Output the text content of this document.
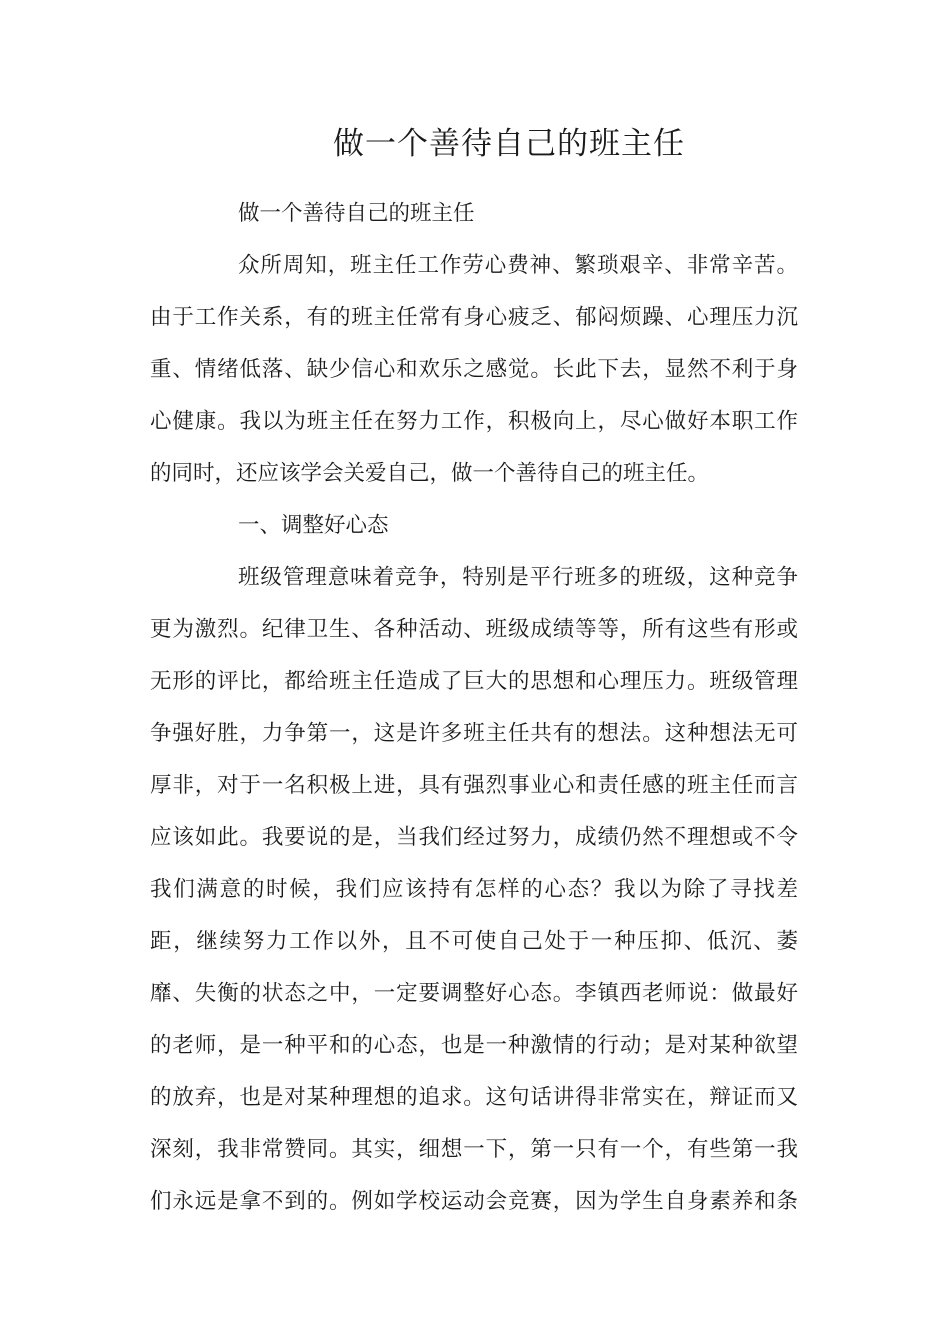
做一个善待自己的班主任
做一个善待自己的班主任
众所周知，班主任工作劳心费神、繁琐艰辛、非常辛苦。
由于工作关系，有的班主任常有身心疲乏、郁闷烦躁、心理压力沉
重、情绪低落、缺少信心和欢乐之感觉。长此下去，显然不利于身
心健康。我以为班主任在努力工作，积极向上，尽心做好本职工作
的同时，还应该学会关爱自己，做一个善待自己的班主任。
一、调整好心态
班级管理意味着竞争，特别是平行班多的班级，这种竞争
更为激烈。纪律卫生、各种活动、班级成绩等等，所有这些有形或
无形的评比，都给班主任造成了巨大的思想和心理压力。班级管理
争强好胜，力争第一，这是许多班主任共有的想法。这种想法无可
厚非，对于一名积极上进，具有强烈事业心和责任感的班主任而言
应该如此。我要说的是，当我们经过努力，成绩仍然不理想或不令
我们满意的时候，我们应该持有怎样的心态？我以为除了寻找差
距，继续努力工作以外，且不可使自己处于一种压抑、低沉、萎
靡、失衡的状态之中，一定要调整好心态。李镇西老师说：做最好
的老师，是一种平和的心态，也是一种激情的行动；是对某种欲望
的放弃，也是对某种理想的追求。这句话讲得非常实在，辩证而又
深刻，我非常赞同。其实，细想一下，第一只有一个，有些第一我
们永远是拿不到的。例如学校运动会竞赛，因为学生自身素养和条
